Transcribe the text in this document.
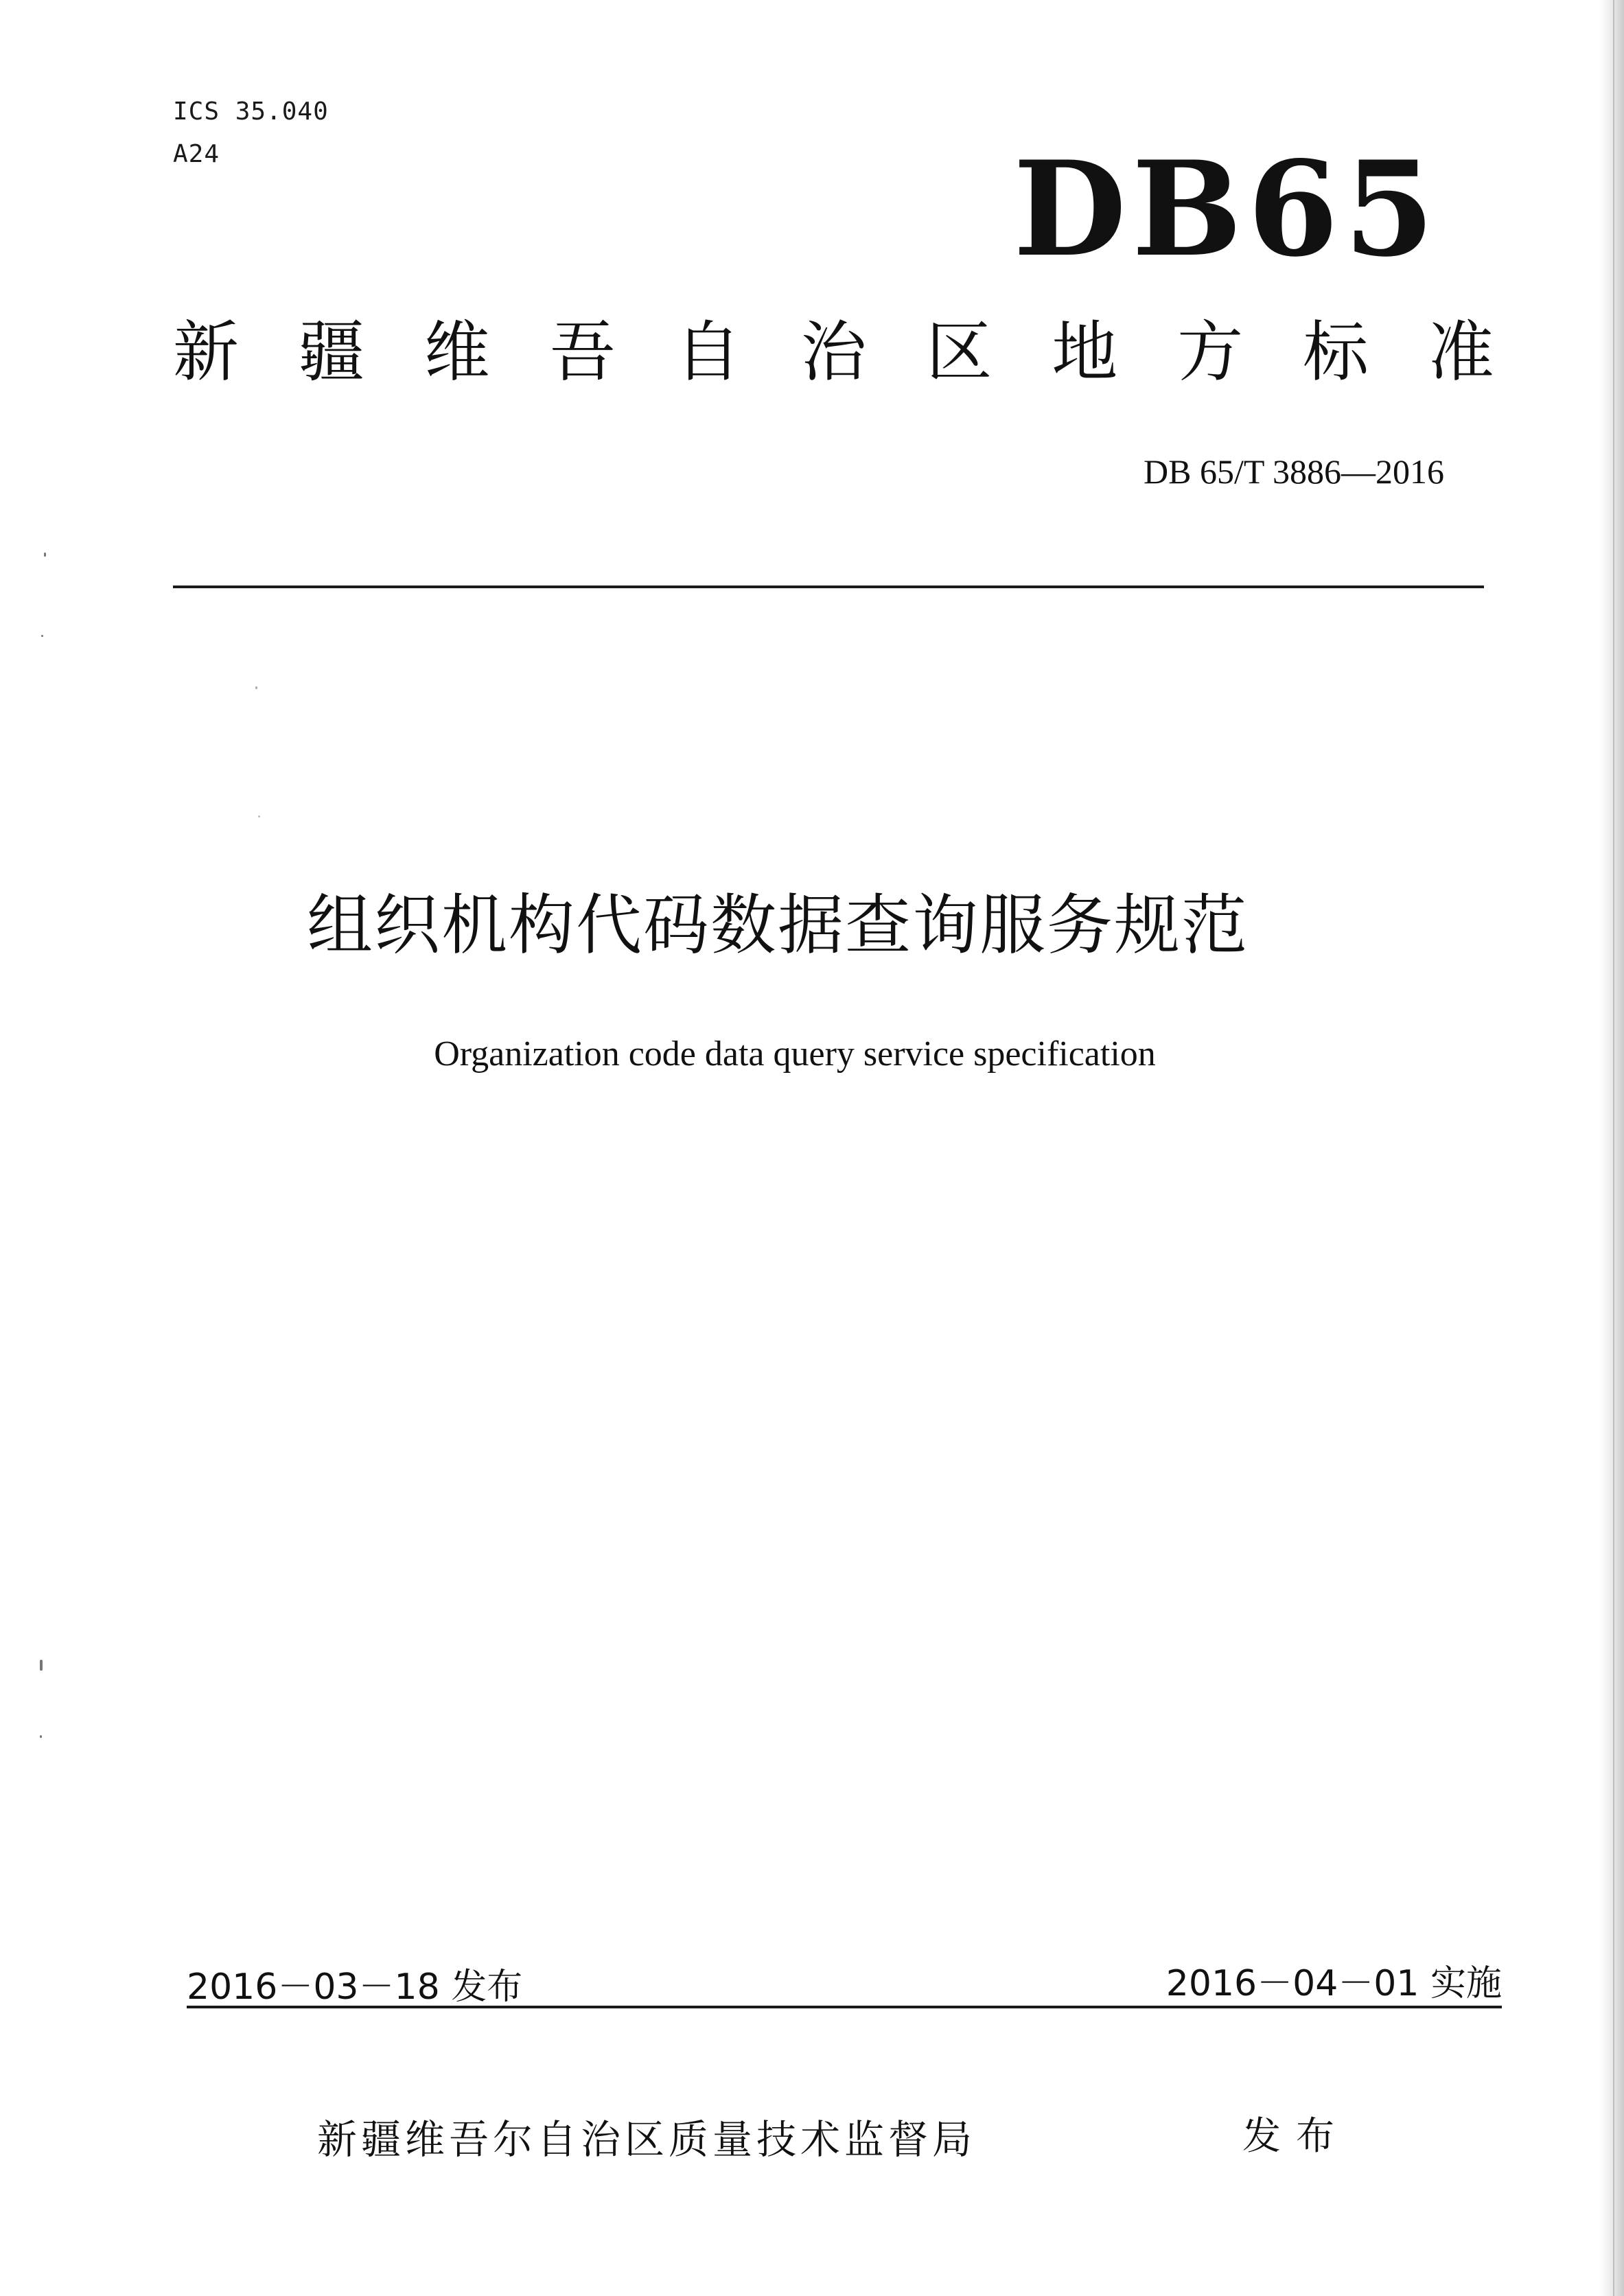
ICS 35.040
A24	DB65
新 疆 维 吾 自 治 区 地 方 标 准
DB 65/T 3886—2016
组织机构代码数据查询服务规范
Organization code data query service specification
2016－03－18 发布	2016－04－01 实施
新疆维吾尔自治区质量技术监督局	发布
